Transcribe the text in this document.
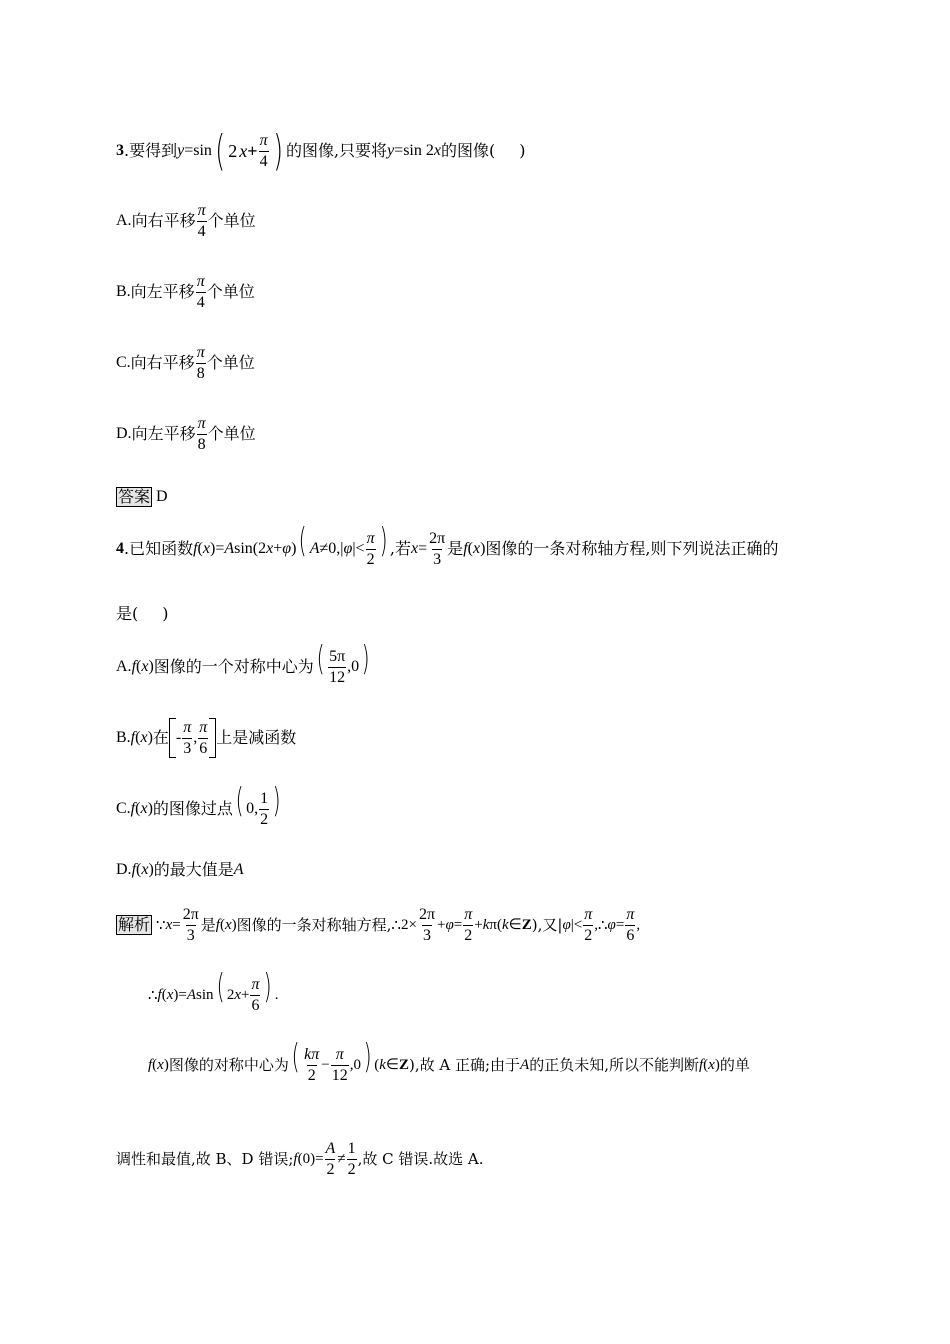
3 .要得到 y =sin ( 2 $x + \frac{\pi}{4}$ ) 的图像,只要将 y =sin 2 x 的图像( )
A. 向右平移 $\frac{\pi}{4}$ 个单位
B. 向左平移 $\frac{\pi}{4}$ 个单位
C. 向右平移 $\frac{\pi}{8}$ 个单位
D. 向左平移 $\frac{\pi}{8}$ 个单位
答案 D
4 .已知函数 f ( x ) = A sin(2 x + φ ) ( A ≠0,| φ |< $\frac{\pi}{2}$ ) ,若 $x = \frac{2\pi}{3}$ 是 f ( x ) 图像的一条对称轴方程,则下列说法正确的
是( )
A. f ( x ) 图像的一个对称中心为 ( $\frac{5\pi}{12} ,0$ )
B. f ( x ) 在 - $\frac{\pi}{3}$ , $\frac{\pi}{6}$ 上是减函数
C. f ( x ) 的图像过点 ( 0, $\frac{1}{2}$ )
D. f ( x ) 的最大值是 A
解析 ∵ $x = \frac{2\pi}{3}$ 是 f ( x ) 图像的一条对称轴方程, ∴ $2\times \frac{2\pi}{3} + \varphi = \frac{\pi}{2} + k$ π( k ∈ Z ),又| φ |< $\frac{\pi}{2}$ , ∴ $\varphi = \frac{\pi}{6}$ ,
∴ f ( x ) = A sin ( 2 $x + \frac{\pi}{6}$ ) .
f ( x ) 图像的对称中心为 ( $\frac{k\pi}{2} - \frac{\pi}{12} ,0$ ) ( k ∈ Z ),故 A 正确;由于 A 的正负未知,所以不能判断 f ( x ) 的单
调性和最值,故 B、D 错误; f $(0)= \frac{A}{2} \ne \frac{1}{2}$ ,故 C 错误.故选 A.
